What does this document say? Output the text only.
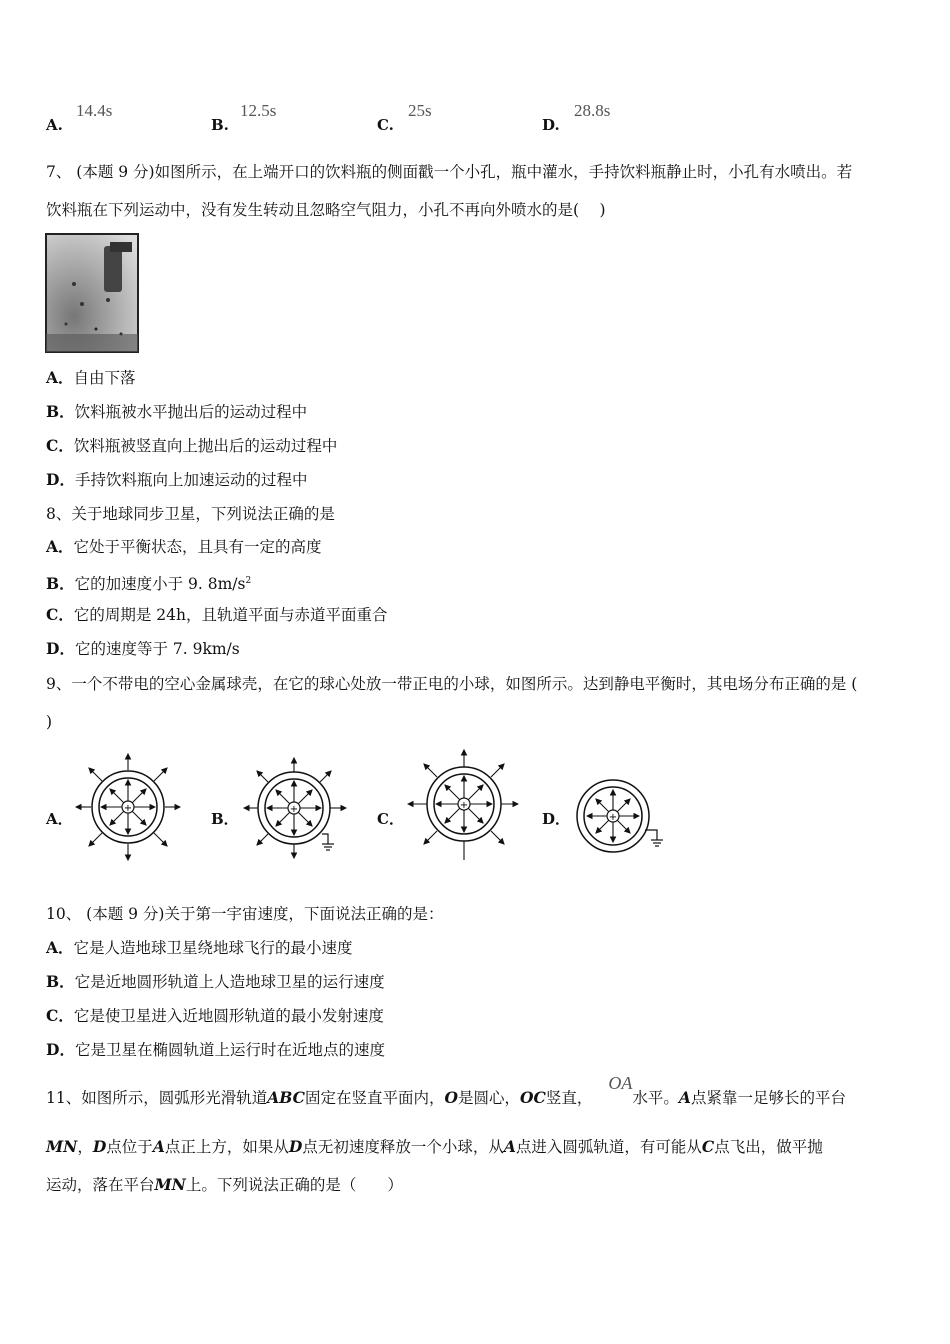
A.
14.4s
B.
12.5s
C.
25s
D.
28.8s
7、 (本题 9 分)如图所示，在上端开口的饮料瓶的侧面戳一个小孔，瓶中灌水，手持饮料瓶静止时，小孔有水喷出。若
饮料瓶在下列运动中，没有发生转动且忽略空气阻力，小孔不再向外喷水的是(　 )
A．自由下落
B．饮料瓶被水平抛出后的运动过程中
C．饮料瓶被竖直向上抛出后的运动过程中
D．手持饮料瓶向上加速运动的过程中
8、关于地球同步卫星，下列说法正确的是
A．它处于平衡状态，且具有一定的高度
B．它的加速度小于 9. $8m/s^2$
C．它的周期是 24h，且轨道平面与赤道平面重合
D．它的速度等于 7. 9km/s
9、一个不带电的空心金属球壳，在它的球心处放一带正电的小球，如图所示。达到静电平衡时，其电场分布正确的是 (
)
A．	B．	C．	D．
+	+	+
+
10、 (本题 9 分)关于第一宇宙速度，下面说法正确的是：
A．它是人造地球卫星绕地球飞行的最小速度
B．它是近地圆形轨道上人造地球卫星的运行速度
C．它是使卫星进入近地圆形轨道的最小发射速度
D．它是卫星在椭圆轨道上运行时在近地点的速度
11、如图所示，圆弧形光滑轨道ABC固定在竖直平面内，O是圆心，OC竖直，OA水平。A点紧靠一足够长的平台
MN，D点位于A点正上方，如果从D点无初速度释放一个小球，从A点进入圆弧轨道，有可能从C点飞出，做平抛
运动，落在平台MN上。下列说法正确的是（　　）
